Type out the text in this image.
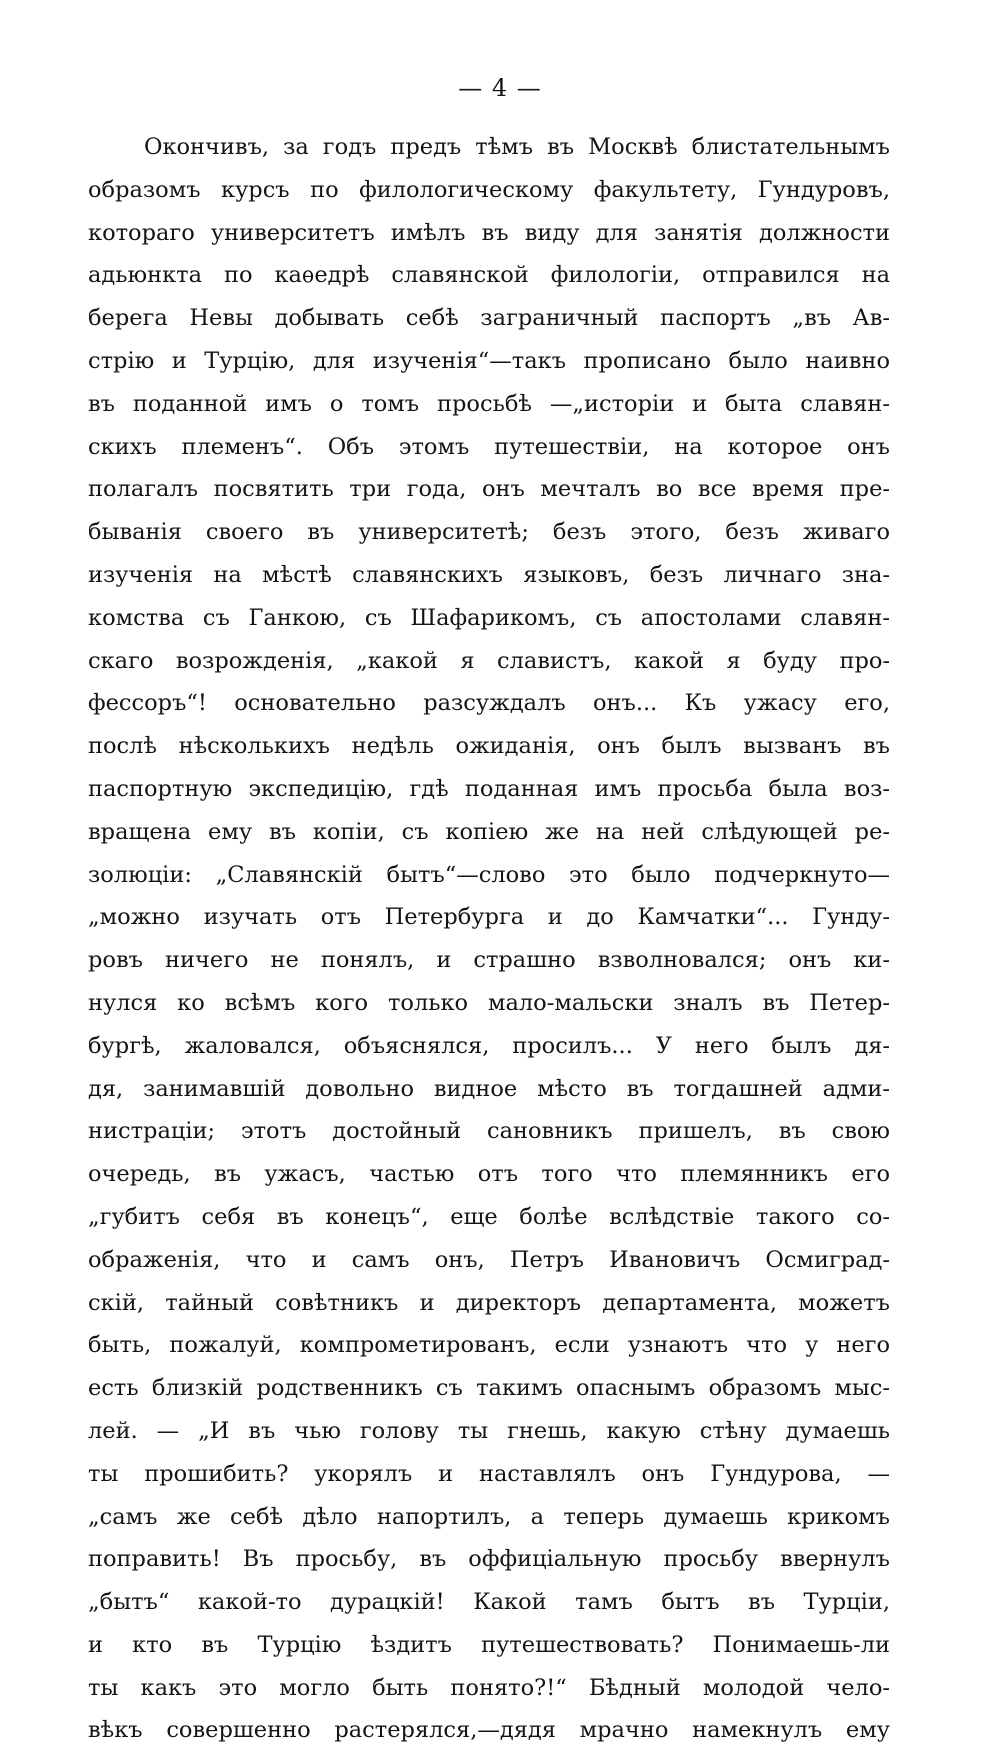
— 4 —
Окончивъ, за годъ предъ тѣмъ въ Москвѣ блистательнымъ
образомъ курсъ по филологическому факультету, Гундуровъ,
котораго университетъ имѣлъ въ виду для занятія должности
адьюнкта по каѳедрѣ славянской филологіи, отправился на
берега Невы добывать себѣ заграничный паспортъ „въ Ав-
стрію и Турцію, для изученія“—такъ прописано было наивно
въ поданной имъ о томъ просьбѣ —„исторіи и быта славян-
скихъ племенъ“. Объ этомъ путешествіи, на которое онъ
полагалъ посвятить три года, онъ мечталъ во все время пре-
быванія своего въ университетѣ; безъ этого, безъ живаго
изученія на мѣстѣ славянскихъ языковъ, безъ личнаго зна-
комства съ Ганкою, съ Шафарикомъ, съ апостолами славян-
скаго возрожденія, „какой я славистъ, какой я буду про-
фессоръ“! основательно разсуждалъ онъ... Къ ужасу его,
послѣ нѣсколькихъ недѣль ожиданія, онъ былъ вызванъ въ
паспортную экспедицію, гдѣ поданная имъ просьба была воз-
вращена ему въ копіи, съ копіею же на ней слѣдующей ре-
золюціи: „Славянскій бытъ“—слово это было подчеркнуто—
„можно изучать отъ Петербурга и до Камчатки“... Гунду-
ровъ ничего не понялъ, и страшно взволновался; онъ ки-
нулся ко всѣмъ кого только мало-мальски зналъ въ Петер-
бургѣ, жаловался, объяснялся, просилъ... У него былъ дя-
дя, занимавшій довольно видное мѣсто въ тогдашней адми-
нистраціи; этотъ достойный сановникъ пришелъ, въ свою
очередь, въ ужасъ, частью отъ того что племянникъ его
„губитъ себя въ конецъ“, еще болѣе вслѣдствіе такого со-
ображенія, что и самъ онъ, Петръ Ивановичъ Осмиград-
скій, тайный совѣтникъ и директоръ департамента, можетъ
быть, пожалуй, компрометированъ, если узнаютъ что у него
есть близкій родственникъ съ такимъ опаснымъ образомъ мыс-
лей. — „И въ чью голову ты гнешь, какую стѣну думаешь
ты прошибить? укорялъ и наставлялъ онъ Гундурова, —
„самъ же себѣ дѣло напортилъ, а теперь думаешь крикомъ
поправить! Въ просьбу, въ оффиціальную просьбу ввернулъ
„бытъ“ какой-то дурацкій! Какой тамъ бытъ въ Турціи,
и кто въ Турцію ѣздитъ путешествовать? Понимаешь-ли
ты какъ это могло быть понято?!“ Бѣдный молодой чело-
вѣкъ совершенно растерялся,—дядя мрачно намекнулъ ему
